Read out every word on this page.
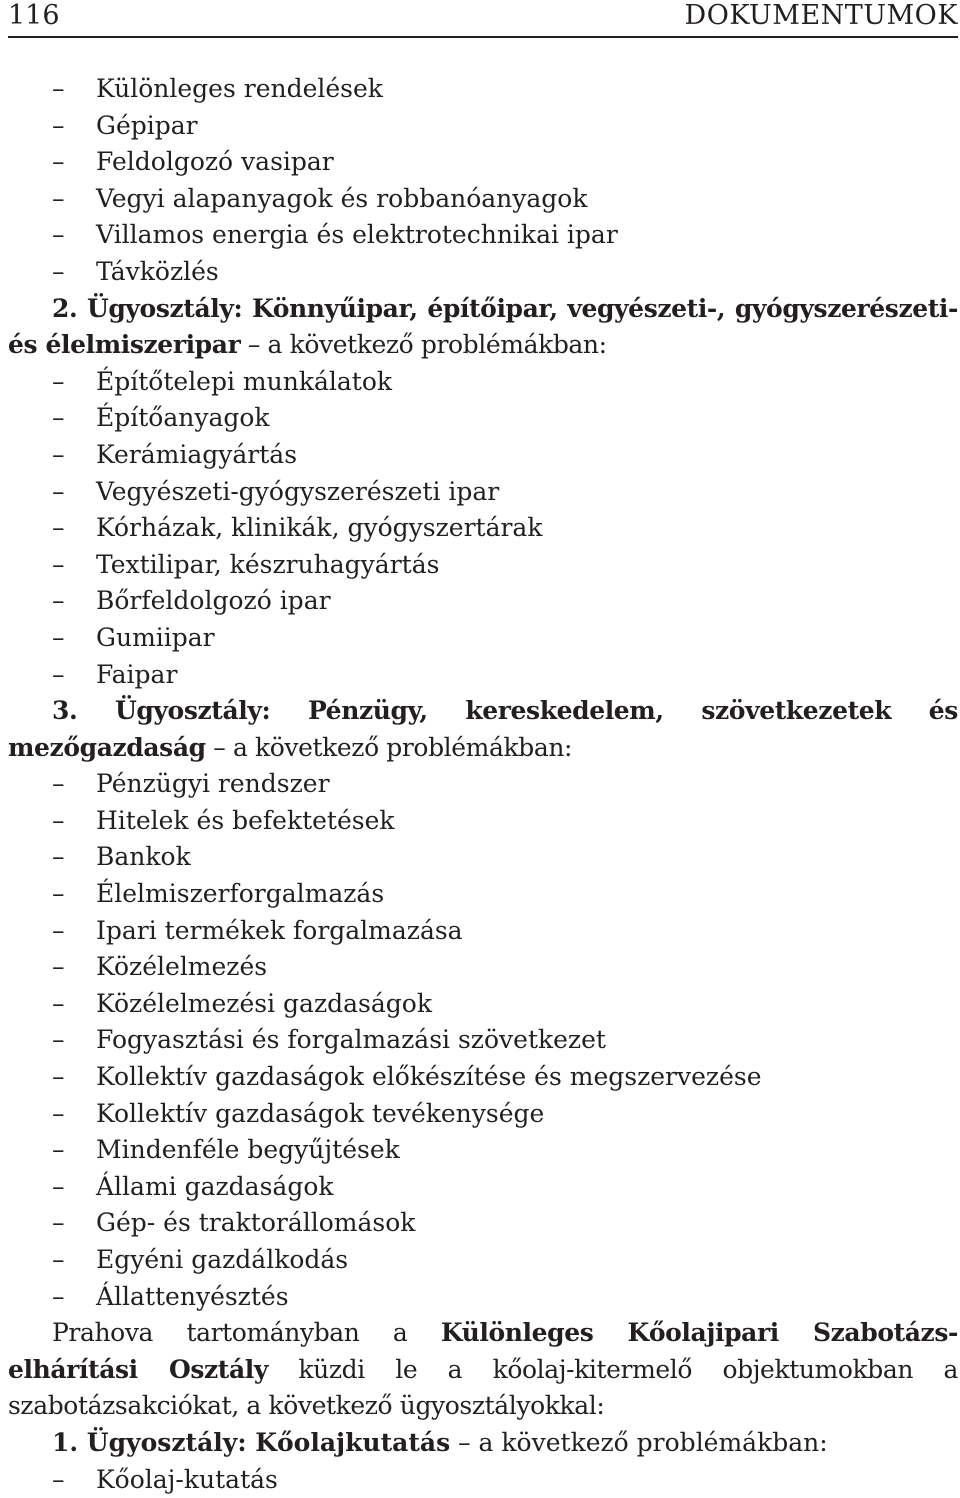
116	DOKUMENTUMOK

– Különleges rendelések

– Gépipar

– Feldolgozó vasipar

– Vegyi alapanyagok és robbanóanyagok

– Villamos energia és elektrotechnikai ipar

– Távközlés

2. Ügyosztály: Könnyűipar, építőipar, vegyészeti-, gyógyszerészeti- és élelmiszeripar – a következő problémákban:

– Építőtelepi munkálatok

– Építőanyagok

– Kerámiagyártás

– Vegyészeti-gyógyszerészeti ipar

– Kórházak, klinikák, gyógyszertárak

– Textilipar, készruhagyártás

– Bőrfeldolgozó ipar

– Gumiipar

– Faipar

3. Ügyosztály: Pénzügy, kereskedelem, szövetkezetek és mezőgazdaság – a következő problémákban:

– Pénzügyi rendszer

– Hitelek és befektetések

– Bankok

– Élelmiszerforgalmazás

– Ipari termékek forgalmazása

– Közélelmezés

– Közélelmezési gazdaságok

– Fogyasztási és forgalmazási szövetkezet

– Kollektív gazdaságok előkészítése és megszervezése

– Kollektív gazdaságok tevékenysége

– Mindenféle begyűjtések

– Állami gazdaságok

– Gép- és traktorállomások

– Egyéni gazdálkodás

– Állattenyésztés

Prahova tartományban a Különleges Kőolajipari Szabotázs-elhárítási Osztály küzdi le a kőolaj-kitermelő objektumokban a szabotázsakciókat, a következő ügyosztályokkal:

1. Ügyosztály: Kőolajkutatás – a következő problémákban:

– Kőolaj-kutatás
